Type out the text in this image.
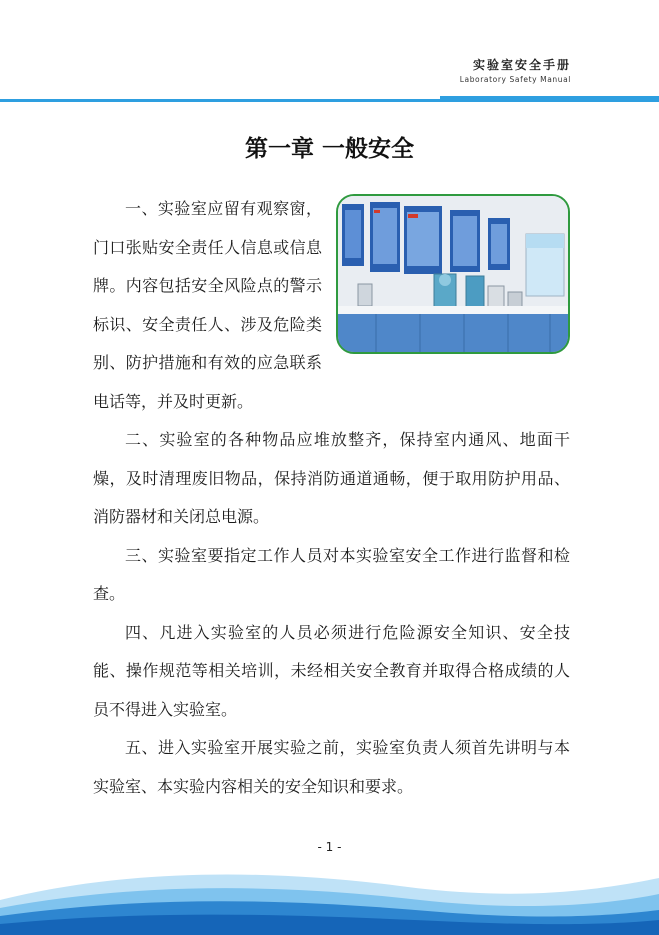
实验室安全手册
Laboratory Safety Manual
第一章 一般安全

一、实验室应留有观察窗，门口张贴安全责任人信息或信息牌。内容包括安全风险点的警示标识、安全责任人、涉及危险类别、防护措施和有效的应急联系电话等，并及时更新。

二、实验室的各种物品应堆放整齐，保持室内通风、地面干燥，及时清理废旧物品，保持消防通道通畅，便于取用防护用品、消防器材和关闭总电源。

三、实验室要指定工作人员对本实验室安全工作进行监督和检查。

四、凡进入实验室的人员必须进行危险源安全知识、安全技能、操作规范等相关培训，未经相关安全教育并取得合格成绩的人员不得进入实验室。

五、进入实验室开展实验之前，实验室负责人须首先讲明与本实验室、本实验内容相关的安全知识和要求。

- 1 -
